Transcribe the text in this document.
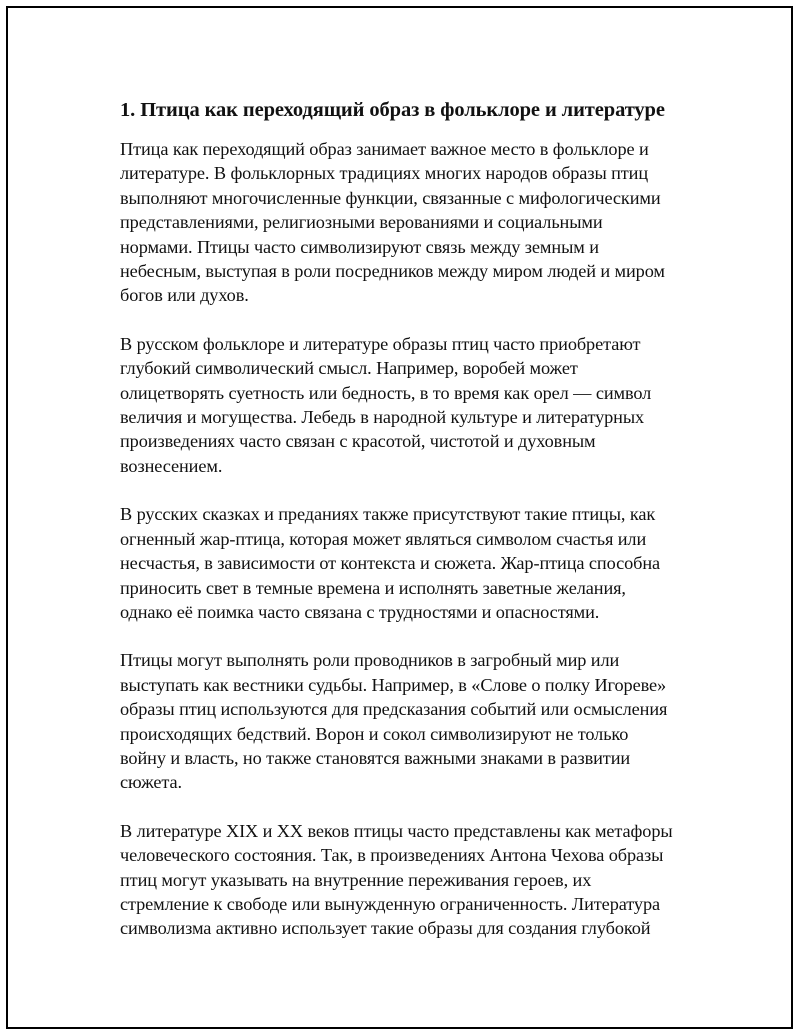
1. Птица как переходящий образ в фольклоре и литературе

Птица как переходящий образ занимает важное место в фольклоре и
литературе. В фольклорных традициях многих народов образы птиц
выполняют многочисленные функции, связанные с мифологическими
представлениями, религиозными верованиями и социальными
нормами. Птицы часто символизируют связь между земным и
небесным, выступая в роли посредников между миром людей и миром
богов или духов.

В русском фольклоре и литературе образы птиц часто приобретают
глубокий символический смысл. Например, воробей может
олицетворять суетность или бедность, в то время как орел — символ
величия и могущества. Лебедь в народной культуре и литературных
произведениях часто связан с красотой, чистотой и духовным
вознесением.

В русских сказках и преданиях также присутствуют такие птицы, как
огненный жар-птица, которая может являться символом счастья или
несчастья, в зависимости от контекста и сюжета. Жар-птица способна
приносить свет в темные времена и исполнять заветные желания,
однако её поимка часто связана с трудностями и опасностями.

Птицы могут выполнять роли проводников в загробный мир или
выступать как вестники судьбы. Например, в «Слове о полку Игореве»
образы птиц используются для предсказания событий или осмысления
происходящих бедствий. Ворон и сокол символизируют не только
войну и власть, но также становятся важными знаками в развитии
сюжета.

В литературе XIX и XX веков птицы часто представлены как метафоры
человеческого состояния. Так, в произведениях Антона Чехова образы
птиц могут указывать на внутренние переживания героев, их
стремление к свободе или вынужденную ограниченность. Литература
символизма активно использует такие образы для создания глубокой
